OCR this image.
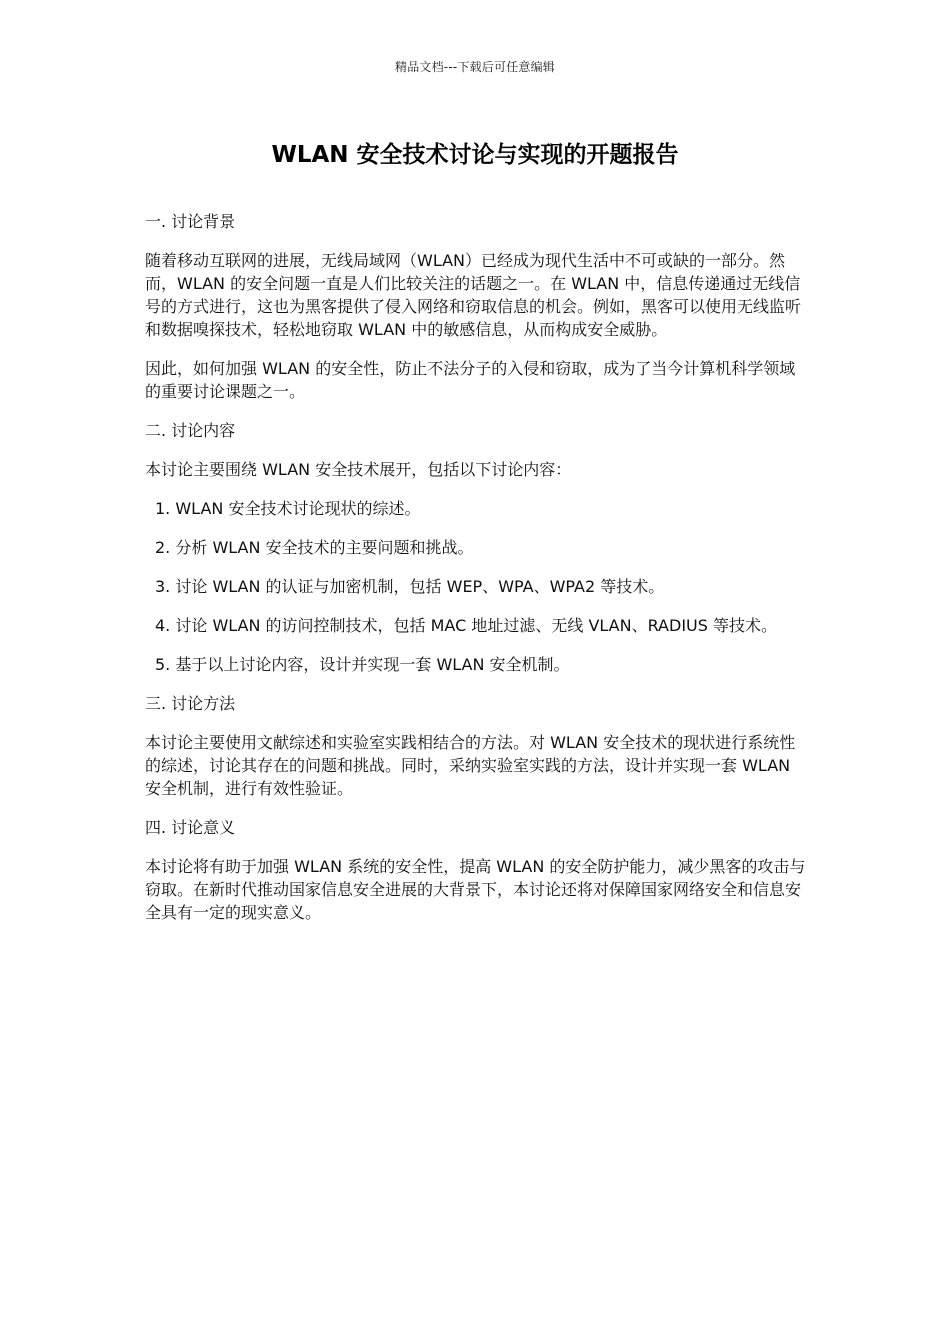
精品文档---下载后可任意编辑
WLAN 安全技术讨论与实现的开题报告

一. 讨论背景

随着移动互联网的进展，无线局域网（WLAN）已经成为现代生活中不可或缺的一部分。然而，WLAN 的安全问题一直是人们比较关注的话题之一。在 WLAN 中，信息传递通过无线信号的方式进行，这也为黑客提供了侵入网络和窃取信息的机会。例如，黑客可以使用无线监听和数据嗅探技术，轻松地窃取 WLAN 中的敏感信息，从而构成安全威胁。

因此，如何加强 WLAN 的安全性，防止不法分子的入侵和窃取，成为了当今计算机科学领域的重要讨论课题之一。

二. 讨论内容

本讨论主要围绕 WLAN 安全技术展开，包括以下讨论内容：

1. WLAN 安全技术讨论现状的综述。

2. 分析 WLAN 安全技术的主要问题和挑战。

3. 讨论 WLAN 的认证与加密机制，包括 WEP、WPA、WPA2 等技术。

4. 讨论 WLAN 的访问控制技术，包括 MAC 地址过滤、无线 VLAN、RADIUS 等技术。

5. 基于以上讨论内容，设计并实现一套 WLAN 安全机制。

三. 讨论方法

本讨论主要使用文献综述和实验室实践相结合的方法。对 WLAN 安全技术的现状进行系统性的综述，讨论其存在的问题和挑战。同时，采纳实验室实践的方法，设计并实现一套 WLAN 安全机制，进行有效性验证。

四. 讨论意义

本讨论将有助于加强 WLAN 系统的安全性，提高 WLAN 的安全防护能力，减少黑客的攻击与窃取。在新时代推动国家信息安全进展的大背景下，本讨论还将对保障国家网络安全和信息安全具有一定的现实意义。
